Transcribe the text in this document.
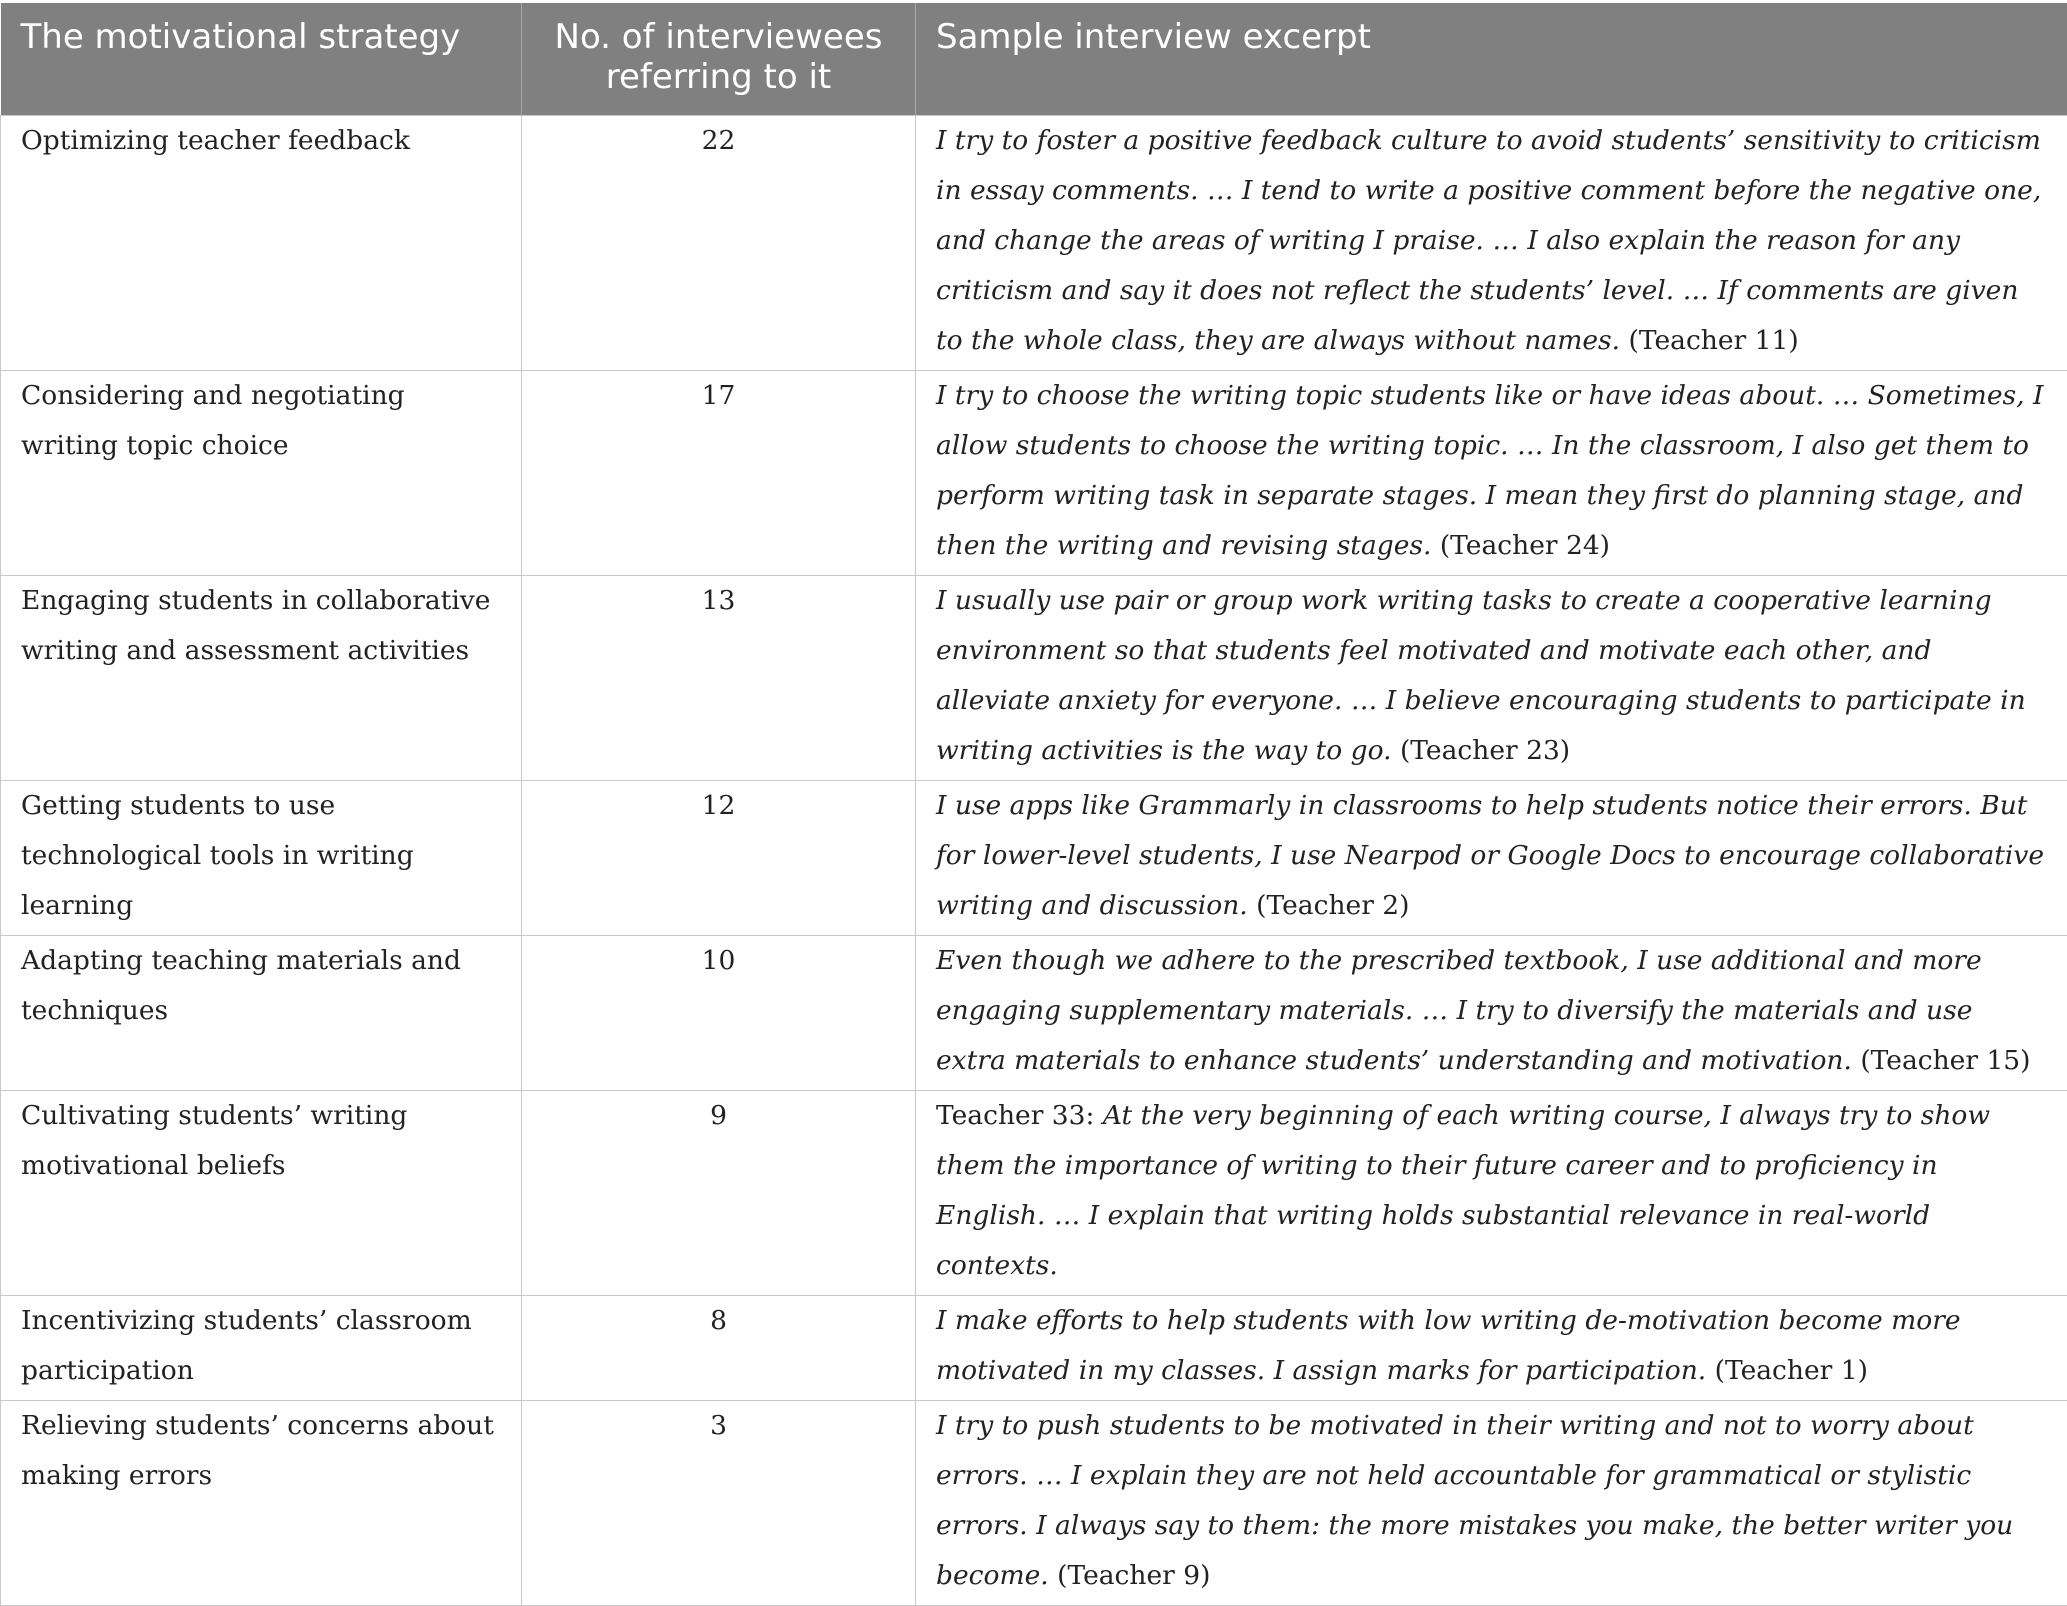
The motivational strategy	No. of interviewees referring to it	Sample interview excerpt
Optimizing teacher feedback	22	I try to foster a positive feedback culture to avoid students’ sensitivity to criticism in essay comments. … I tend to write a positive comment before the negative one, and change the areas of writing I praise. … I also explain the reason for any criticism and say it does not reflect the students’ level. … If comments are given to the whole class, they are always without names. (Teacher 11)
Considering and negotiating writing topic choice	17	I try to choose the writing topic students like or have ideas about. … Sometimes, I allow students to choose the writing topic. … In the classroom, I also get them to perform writing task in separate stages. I mean they first do planning stage, and then the writing and revising stages. (Teacher 24)
Engaging students in collaborative writing and assessment activities	13	I usually use pair or group work writing tasks to create a cooperative learning environment so that students feel motivated and motivate each other, and alleviate anxiety for everyone. … I believe encouraging students to participate in writing activities is the way to go. (Teacher 23)
Getting students to use technological tools in writing learning	12	I use apps like Grammarly in classrooms to help students notice their errors. But for lower-level students, I use Nearpod or Google Docs to encourage collaborative writing and discussion. (Teacher 2)
Adapting teaching materials and techniques	10	Even though we adhere to the prescribed textbook, I use additional and more engaging supplementary materials. … I try to diversify the materials and use extra materials to enhance students’ understanding and motivation. (Teacher 15)
Cultivating students’ writing motivational beliefs	9	Teacher 33: At the very beginning of each writing course, I always try to show them the importance of writing to their future career and to proficiency in English. … I explain that writing holds substantial relevance in real-world contexts.
Incentivizing students’ classroom participation	8	I make efforts to help students with low writing de-motivation become more motivated in my classes. I assign marks for participation. (Teacher 1)
Relieving students’ concerns about making errors	3	I try to push students to be motivated in their writing and not to worry about errors. … I explain they are not held accountable for grammatical or stylistic errors. I always say to them: the more mistakes you make, the better writer you become. (Teacher 9)
